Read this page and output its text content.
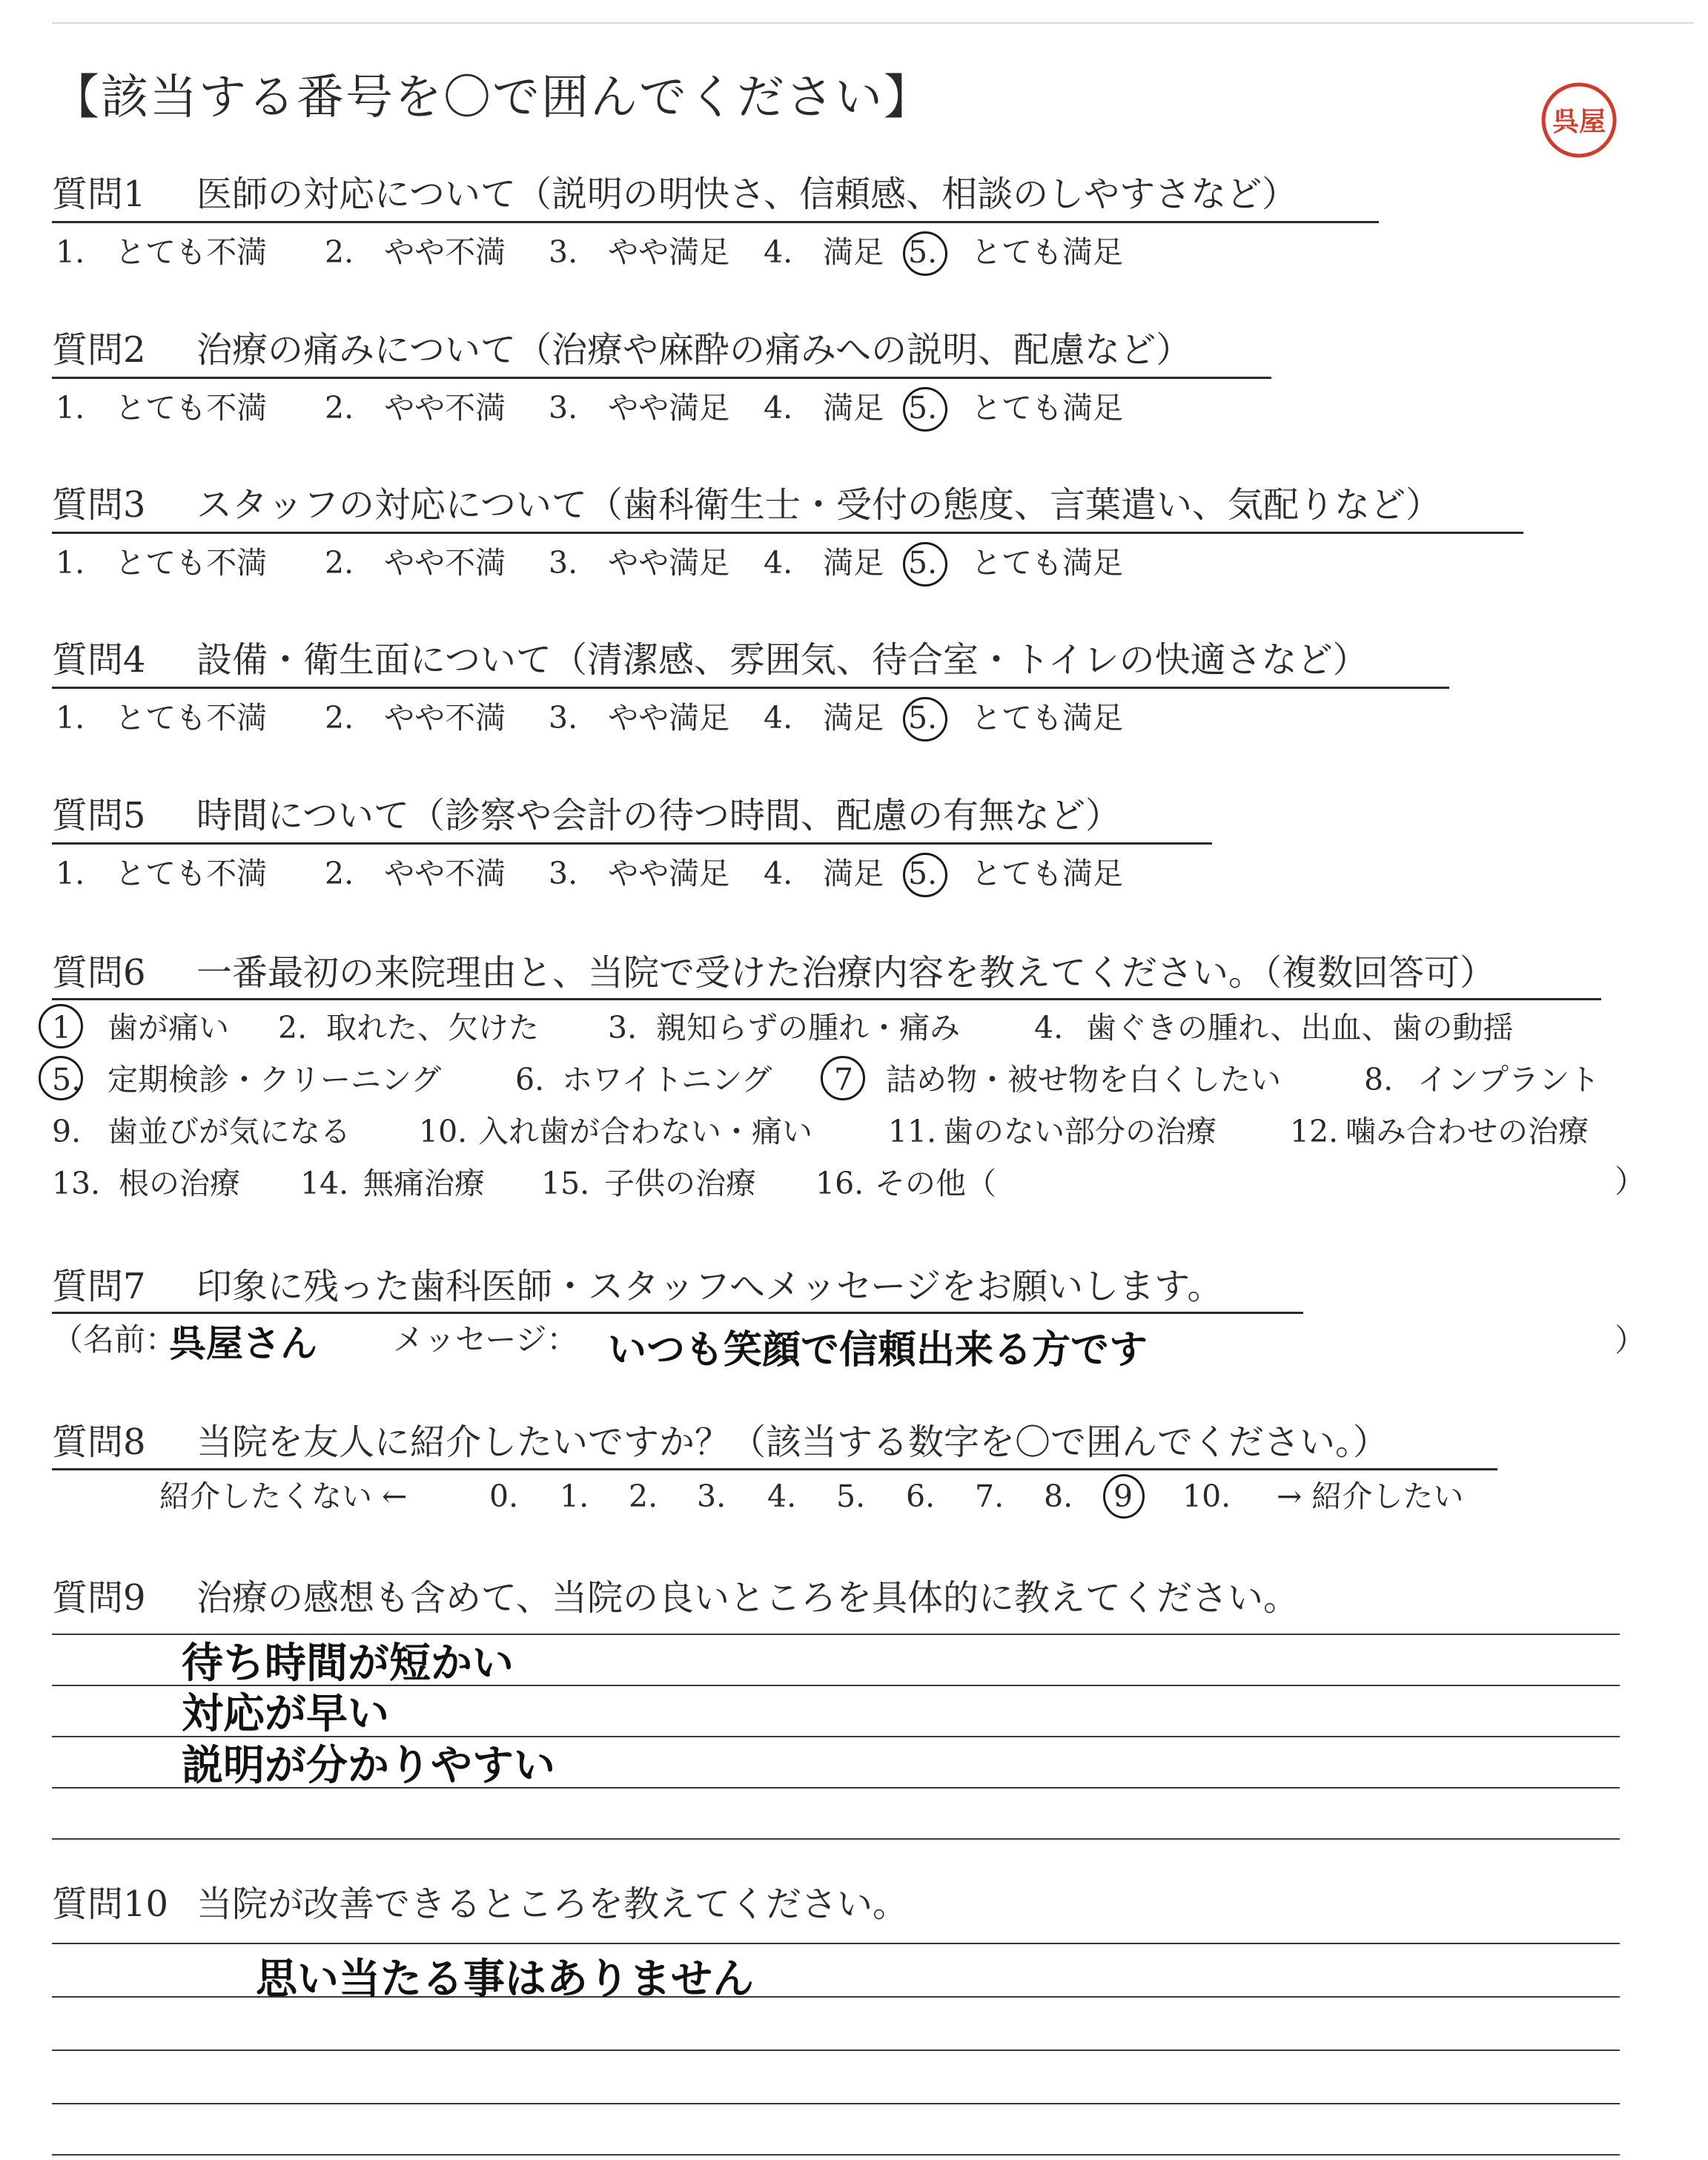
【該当する番号を〇で囲んでください】	呉屋
質問1 医師の対応について（説明の明快さ、信頼感、相談のしやすさなど）
1.　とても不満 2.　やや不満 3.　やや満足 4.　満足 5. とても満足
質問2 治療の痛みについて（治療や麻酔の痛みへの説明、配慮など）
1.　とても不満 2.　やや不満 3.　やや満足 4.　満足 5. とても満足
質問3 スタッフの対応について（歯科衛生士・受付の態度、言葉遣い、気配りなど）
1.　とても不満 2.　やや不満 3.　やや満足 4.　満足 5. とても満足
質問4 設備・衛生面について（清潔感、雰囲気、待合室・トイレの快適さなど）
1.　とても不満 2.　やや不満 3.　やや満足 4.　満足 5. とても満足
質問5 時間について（診察や会計の待つ時間、配慮の有無など）
1.　とても不満 2.　やや不満 3.　やや満足 4.　満足 5. とても満足
質問6 一番最初の来院理由と、当院で受けた治療内容を教えてください。（複数回答可）
1 歯が痛い 2. 取れた、欠けた 3. 親知らずの腫れ・痛み 4. 歯ぐきの腫れ、出血、歯の動揺
5. 定期検診・クリーニング 6. ホワイトニング 7 詰め物・被せ物を白くしたい	8. インプラント
9. 歯並びが気になる 10. 入れ歯が合わない・痛い 11. 歯のない部分の治療 12. 噛み合わせの治療
13. 根の治療 14. 無痛治療 15. 子供の治療 16. その他（	）
質問7 印象に残った歯科医師・スタッフへメッセージをお願いします。
（名前：
呉屋さん メッセージ： いつも笑顔で信頼出来る方です	）
質問8 当院を友人に紹介したいですか？（該当する数字を〇で囲んでください。）
紹介したくない ←	0. 1. 2. 3. 4. 5. 6. 7. 8. 9 10. → 紹介したい
質問9 治療の感想も含めて、当院の良いところを具体的に教えてください。
待ち時間が短かい
対応が早い
説明が分かりやすい
質問10 当院が改善できるところを教えてください。
思い当たる事はありません
